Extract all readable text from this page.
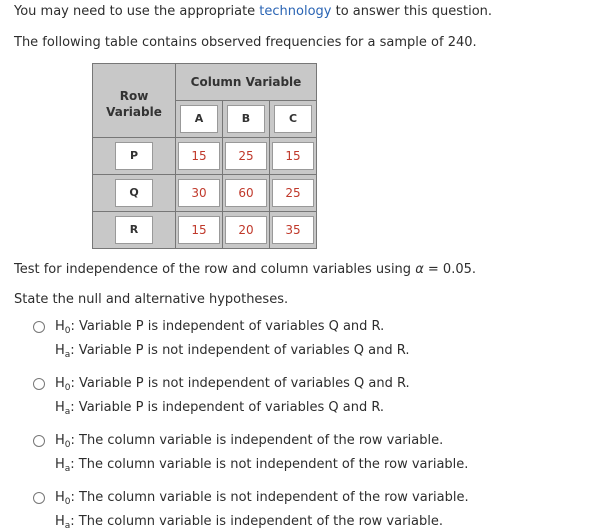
You may need to use the appropriate technology to answer this question.
The following table contains observed frequencies for a sample of 240.
Row Variable	Column Variable		
	A	B	C
P	15	25	15
Q	30	60	25
R	15	20	35
Test for independence of the row and column variables using α = 0.05.
State the null and alternative hypotheses.
$H_0$: Variable P is independent of variables Q and R.
$H_a$: Variable P is not independent of variables Q and R.
$H_0$: Variable P is not independent of variables Q and R.
$H_a$: Variable P is independent of variables Q and R.
$H_0$: The column variable is independent of the row variable.
$H_a$: The column variable is not independent of the row variable.
$H_0$: The column variable is not independent of the row variable.
$H_a$: The column variable is independent of the row variable.
